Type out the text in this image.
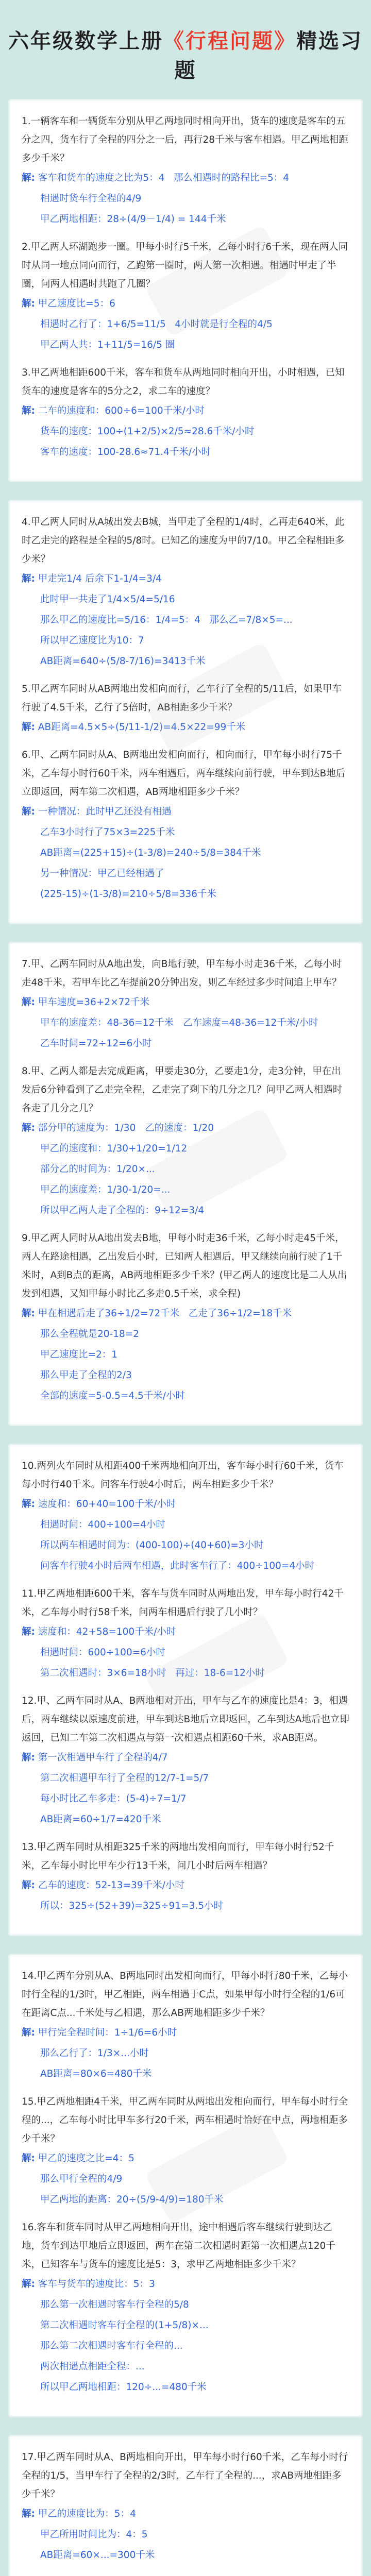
六年级数学上册《行程问题》精选习题
1.一辆客车和一辆货车分别从甲乙两地同时相向开出，货车的速度是客车的五分之四，货车行了全程的四分之一后，再行28千米与客车相遇。甲乙两地相距多少千米？
解: 客车和货车的速度之比为5：4   那么相遇时的路程比=5：4
相遇时货车行全程的4/9
甲乙两地相距：28÷(4/9－1/4) = 144千米
2.甲乙两人环湖跑步一圈。甲每小时行5千米，乙每小时行6千米，现在两人同时从同一地点同向而行，乙跑第一圈时，两人第一次相遇。相遇时甲走了半圈，问两人相遇时共跑了几圈？
解: 甲乙速度比=5：6
相遇时乙行了：1+6/5=11/5   4小时就是行全程的4/5
甲乙两人共：1+11/5=16/5 圈
3.甲乙两地相距600千米，客车和货车从两地同时相向开出，小时相遇，已知货车的速度是客车的5分之2，求二车的速度？
解: 二车的速度和：600÷6=100千米/小时
货车的速度：100÷(1+2/5)×2/5≈28.6千米/小时
客车的速度：100-28.6≈71.4千米/小时
4.甲乙两人同时从A城出发去B城，当甲走了全程的1/4时，乙再走640米，此时乙走完的路程是全程的5/8时。已知乙的速度为甲的7/10。甲乙全程相距多少米？
解: 甲走完1/4 后余下1-1/4=3/4
此时甲一共走了1/4×5/4=5/16
那么甲乙的速度比=5/16：1/4=5：4   那么乙=7/8×5=...
所以甲乙速度比为10：7
AB距离=640÷(5/8-7/16)=3413千米
5.甲乙两车同时从AB两地出发相向而行，乙车行了全程的5/11后，如果甲车行驶了4.5千米，乙行了5倍时，AB相距多少千米？
解: AB距离=4.5×5÷(5/11-1/2)=4.5×22=99千米
6.甲、乙两车同时从A、B两地出发相向而行，相向而行，甲车每小时行75千米，乙车每小时行60千米，两车相遇后，两车继续向前行驶，甲车到达B地后立即返回，两车第二次相遇，AB两地相距多少千米？
解: 一种情况：此时甲乙还没有相遇
乙车3小时行了75×3=225千米
AB距离=(225+15)÷(1-3/8)=240÷5/8=384千米
另一种情况：甲乙已经相遇了
(225-15)÷(1-3/8)=210÷5/8=336千米
7.甲、乙两车同时从A地出发，向B地行驶，甲车每小时走36千米，乙每小时走48千米，若甲车比乙车提前20分钟出发，则乙车经过多少时间追上甲车？
解: 甲车速度=36+2×72千米
甲车的速度差：48-36=12千米   乙车速度=48-36=12千米/小时
乙车时间=72÷12=6小时
8.甲、乙两人都是去完成距离，甲要走30分，乙要走1分，走3分钟，甲在出发后6分钟看到了乙走完全程，乙走完了剩下的几分之几？问甲乙两人相遇时各走了几分之几？
解: 部分甲的速度为：1/30   乙的速度：1/20
甲乙的速度和：1/30+1/20=1/12
部分乙的时间为：1/20×...
甲乙的速度差：1/30-1/20=...
所以甲乙两人走了全程的：9÷12=3/4
9.甲乙两人同时从A地出发去B地，甲每小时走36千米，乙每小时走45千米，两人在路途相遇，乙出发后小时，已知两人相遇后，甲又继续向前行驶了1千米时，A到B点的距离，AB两地相距多少千米？(甲乙两人的速度比是二人从出发到相遇，又知甲每小时比乙多走0.5千米，求全程)
解: 甲在相遇后走了36÷1/2=72千米   乙走了36÷1/2=18千米
那么全程就是20-18=2
甲乙速度比=2：1
那么甲走了全程的2/3
全部的速度=5-0.5=4.5千米/小时
10.两列火车同时从相距400千米两地相向开出，客车每小时行60千米，货车每小时行40千米。问客车行驶4小时后，两车相距多少千米？
解: 速度和：60+40=100千米/小时
相遇时间：400÷100=4小时
所以两车相遇时间为：(400-100)÷(40+60)=3小时
问客车行驶4小时后两车相遇，此时客车行了：400÷100=4小时
11.甲乙两地相距600千米，客车与货车同时从两地出发，甲车每小时行42千米，乙车每小时行58千米，问两车相遇后行驶了几小时？
解: 速度和：42+58=100千米/小时
相遇时间：600÷100=6小时
第二次相遇时：3×6=18小时   再过：18-6=12小时
12.甲、乙两车同时从A、B两地相对开出，甲车与乙车的速度比是4：3，相遇后，两车继续以原速度前进，甲车到达B地后立即返回，乙车到达A地后也立即返回，已知二车第二次相遇点与第一次相遇点相距60千米，求AB距离。
解: 第一次相遇甲车行了全程的4/7
第二次相遇甲车行了全程的12/7-1=5/7
每小时比乙车多走：(5-4)÷7=1/7
AB距离=60÷1/7=420千米
13.甲乙两车同时从相距325千米的两地出发相向而行，甲车每小时行52千米，乙车每小时比甲车少行13千米，问几小时后两车相遇？
解: 乙车的速度：52-13=39千米/小时
所以：325÷(52+39)=325÷91=3.5小时
14.甲乙两车分别从A、B两地同时出发相向而行，甲每小时行80千米，乙每小时行全程的1/3时，甲乙相距，两车相遇于C点，如果甲每小时行全程的1/6可在距离C点...千米处与乙相遇，那么AB两地相距多少千米？
解: 甲行完全程时间：1÷1/6=6小时
那么乙行了：1/3×...小时
AB距离=80×6=480千米
15.甲乙两地相距4千米，甲乙两车同时从两地出发相向而行，甲车每小时行全程的...，乙车每小时比甲车多行20千米，两车相遇时恰好在中点，两地相距多少千米？
解: 甲乙的速度之比=4：5
那么甲行全程的4/9
甲乙两地的距离：20÷(5/9-4/9)=180千米
16.客车和货车同时从甲乙两地相向开出，途中相遇后客车继续行驶到达乙地，货车到达甲地后立即返回，两车在第二次相遇时距第一次相遇点120千米，已知客车与货车的速度比是5：3，求甲乙两地相距多少千米？
解: 客车与货车的速度比：5：3
那么第一次相遇时客车行全程的5/8
第二次相遇时客车行全程的(1+5/8)×...
那么第二次相遇时客车行全程的...
两次相遇点相距全程：...
所以甲乙两地相距：120÷...=480千米
17.甲乙两车同时从A、B两地相向开出，甲车每小时行60千米，乙车每小时行全程的1/5，当甲车行了全程的2/3时，乙车行了全程的...，求AB两地相距多少千米？
解: 甲乙的速度比为：5：4
甲乙所用时间比为：4：5
AB距离=60×...=300千米
